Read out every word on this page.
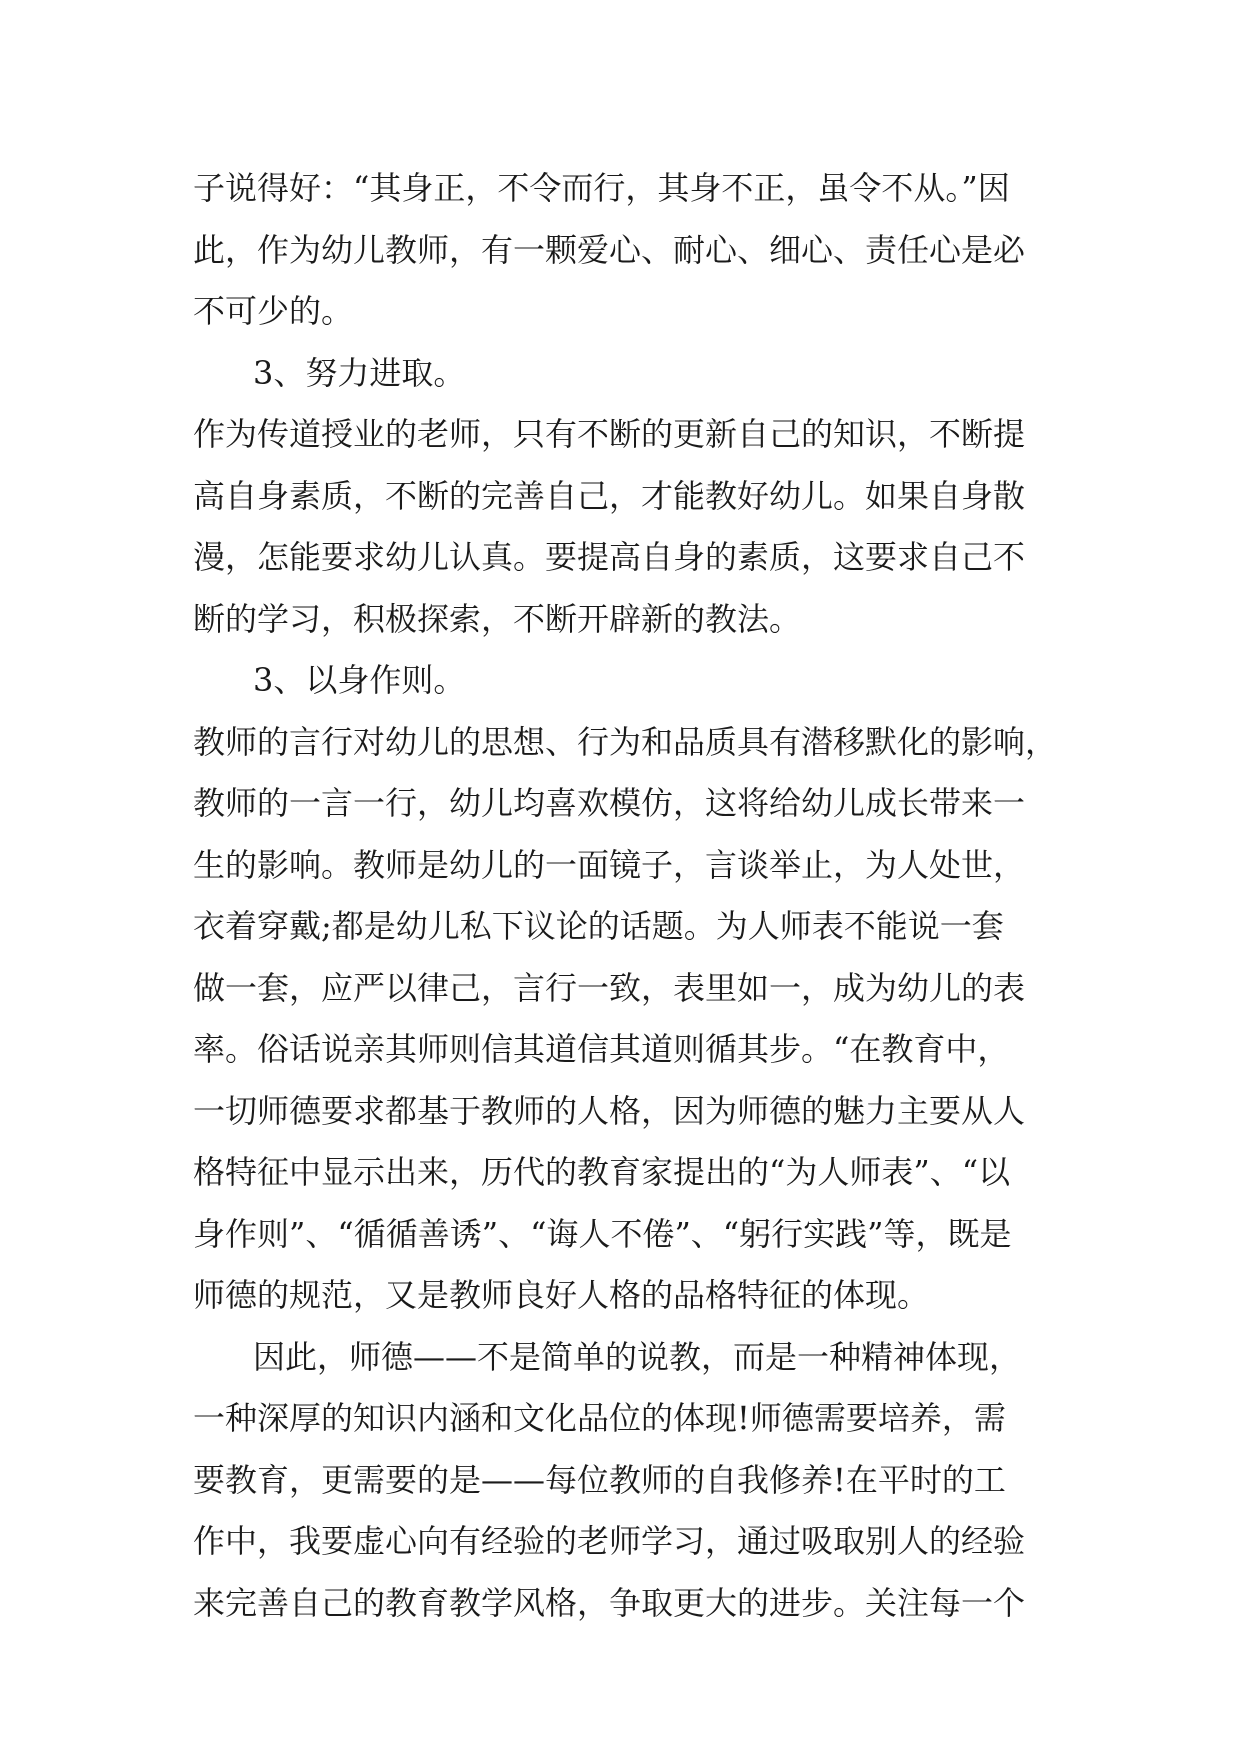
子说得好：“其身正，不令而行，其身不正，虽令不从。”因
此，作为幼儿教师，有一颗爱心、耐心、细心、责任心是必
不可少的。
3、努力进取。
作为传道授业的老师，只有不断的更新自己的知识，不断提
高自身素质，不断的完善自己，才能教好幼儿。如果自身散
漫，怎能要求幼儿认真。要提高自身的素质，这要求自己不
断的学习，积极探索，不断开辟新的教法。
3、以身作则。
教师的言行对幼儿的思想、行为和品质具有潜移默化的影响，
教师的一言一行，幼儿均喜欢模仿，这将给幼儿成长带来一
生的影响。教师是幼儿的一面镜子，言谈举止，为人处世，
衣着穿戴;都是幼儿私下议论的话题。为人师表不能说一套
做一套，应严以律己，言行一致，表里如一，成为幼儿的表
率。俗话说亲其师则信其道信其道则循其步。“在教育中，
一切师德要求都基于教师的人格，因为师德的魅力主要从人
格特征中显示出来，历代的教育家提出的“为人师表”、“以
身作则”、“循循善诱”、“诲人不倦”、“躬行实践”等，既是
师德的规范，又是教师良好人格的品格特征的体现。
因此，师德——不是简单的说教，而是一种精神体现，
一种深厚的知识内涵和文化品位的体现!师德需要培养，需
要教育，更需要的是——每位教师的自我修养!在平时的工
作中，我要虚心向有经验的老师学习，通过吸取别人的经验
来完善自己的教育教学风格，争取更大的进步。关注每一个
